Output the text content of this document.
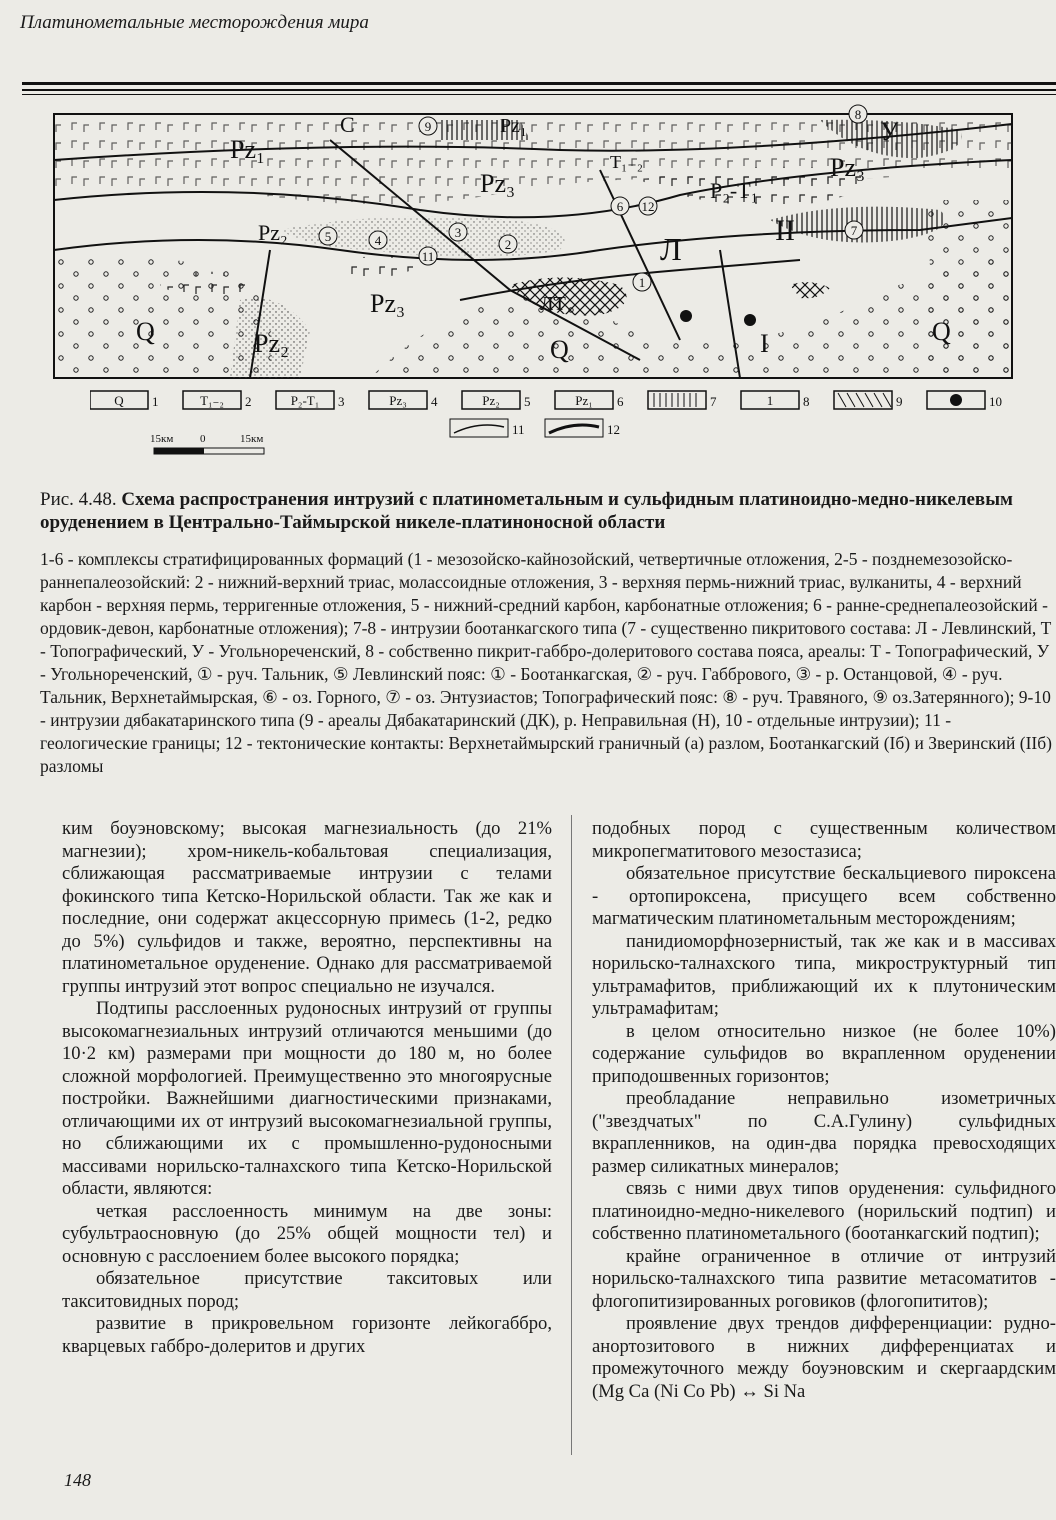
Платинометальные месторождения мира
Pz₁
Pz₁
Pz₃
Pz₃
Pz₃
Pz₂
Pz₂
T₁₋₂
P₂-T₁
Q
Q
Q
C	У
Л
ЛТ
I
II
1
2
3
4
5
6
7
8
9
11
12
Q 1	T₁₋₂ 2	P₂-T₁ 3	Pz₃ 4	Pz₂ 5	Pz₁ 6	7	1 8	9	10
11	12
15км 0	15км
Рис. 4.48. Схема распространения интрузий с платинометальным и сульфидным платиноидно-медно-никелевым оруденением в Центрально-Таймырской никеле-платиноносной области
1-6 - комплексы стратифицированных формаций (1 - мезозойско-кайнозойский, четвертичные отложения, 2-5 - позднемезозойско-раннепалеозойский: 2 - нижний-верхний триас, молассоидные отложения, 3 - верхняя пермь-нижний триас, вулканиты, 4 - верхний карбон - верхняя пермь, терригенные отложения, 5 - нижний-средний карбон, карбонатные отложения; 6 - ранне-среднепалеозойский - ордовик-девон, карбонатные отложения); 7-8 - интрузии боотанкагского типа (7 - существенно пикритового состава: Л - Левлинский, Т - Топографический, У - Угольнореченский, 8 - собственно пикрит-габбро-долеритового состава пояса, ареалы: Т - Топографический, У - Угольнореченский, ① - руч. Тальник, ⑤ Левлинский пояс: ① - Боотанкагская, ② - руч. Габбрового, ③ - р. Останцовой, ④ - руч. Тальник, Верхнетаймырская, ⑥ - оз. Горного, ⑦ - оз. Энтузиастов; Топографический пояс: ⑧ - руч. Травяного, ⑨ оз.Затерянного); 9-10 - интрузии дябакатаринского типа (9 - ареалы Дябакатаринский (ДК), р. Неправильная (Н), 10 - отдельные интрузии); 11 - геологические границы; 12 - тектонические контакты: Верхнетаймырский граничный (а) разлом, Боотанкагский (Iб) и Зверинский (IIб) разломы

ким боуэновскому; высокая магнезиальность (до 21% магнезии); хром-никель-кобальтовая специализация, сближающая рассматриваемые интрузии с телами фокинского типа Кетско-Норильской области. Так же как и последние, они содержат акцессорную примесь (1-2, редко до 5%) сульфидов и также, вероятно, перспективны на платинометальное оруденение. Однако для рассматриваемой группы интрузий этот вопрос специально не изучался.

Подтипы расслоенных рудоносных интрузий от группы высокомагнезиальных интрузий отличаются меньшими (до 10·2 км) размерами при мощности до 180 м, но более сложной морфологией. Преимущественно это многоярусные постройки. Важнейшими диагностическими признаками, отличающими их от интрузий высокомагнезиальной группы, но сближающими их с промышленно-рудоносными массивами норильско-талнахского типа Кетско-Норильской области, являются:

четкая расслоенность минимум на две зоны: субультраосновную (до 25% общей мощности тел) и основную с расслоением более высокого порядка;

обязательное присутствие такситовых или такситовидных пород;

развитие в прикровельном горизонте лейкогаббро, кварцевых габбро-долеритов и других

подобных пород с существенным количеством микропегматитового мезостазиса;

обязательное присутствие бескальциевого пироксена - ортопироксена, присущего всем собственно магматическим платинометальным месторождениям;

панидиоморфнозернистый, так же как и в массивах норильско-талнахского типа, микроструктурный тип ультрамафитов, приближающий их к плутоническим ультрамафитам;

в целом относительно низкое (не более 10%) содержание сульфидов во вкрапленном оруденении приподошвенных горизонтов;

преобладание неправильно изометричных ("звездчатых" по С.А.Гулину) сульфидных вкрапленников, на один-два порядка превосходящих размер силикатных минералов;

связь с ними двух типов оруденения: сульфидного платиноидно-медно-никелевого (норильский подтип) и собственно платинометального (боотанкагский подтип);

крайне ограниченное в отличие от интрузий норильско-талнахского типа развитие метасоматитов - флогопитизированных роговиков (флогопититов);

проявление двух трендов дифференциации: рудно-анортозитового в нижних дифференциатах и промежуточного между боуэновским и скергаардским (Mg Ca (Ni Co Pb) ↔ Si Na

148
